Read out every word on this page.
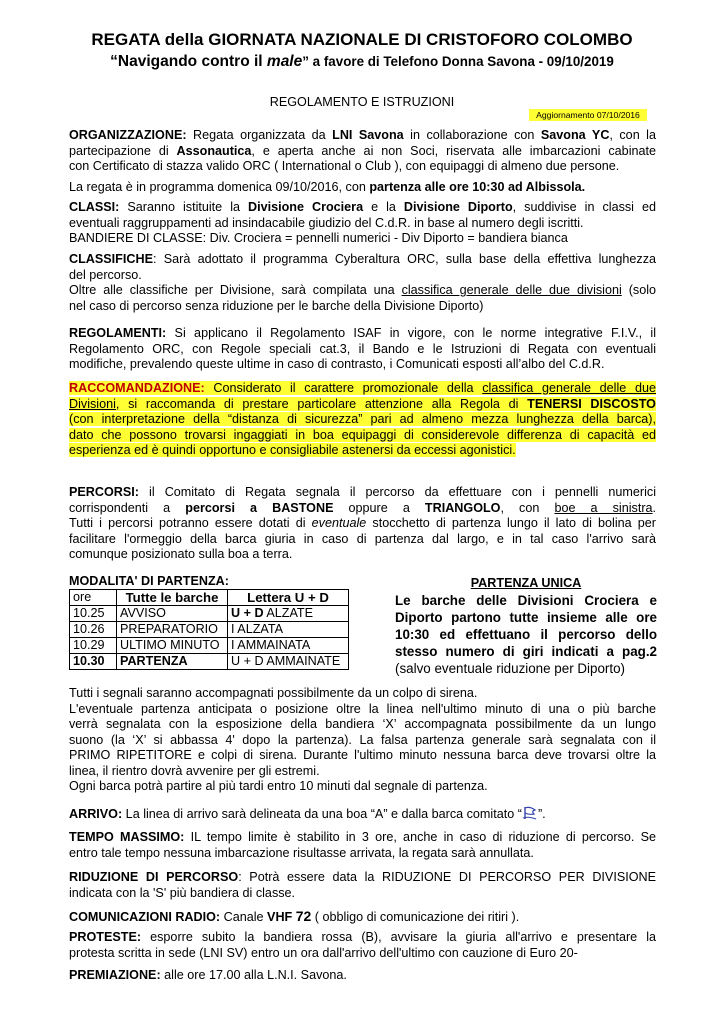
REGATA della GIORNATA NAZIONALE DI CRISTOFORO COLOMBO
“Navigando contro il male” a favore di Telefono Donna Savona - 09/10/2019
REGOLAMENTO E ISTRUZIONI
Aggiornamento 07/10/2016
ORGANIZZAZIONE: Regata organizzata da LNI Savona in collaborazione con Savona YC, con la
partecipazione di Assonautica, e aperta anche ai non Soci, riservata alle imbarcazioni cabinate
con Certificato di stazza valido ORC ( International o Club ), con equipaggi di almeno due persone.
La regata è in programma domenica 09/10/2016, con partenza alle ore 10:30 ad Albissola.
CLASSI: Saranno istituite la Divisione Crociera e la Divisione Diporto, suddivise in classi ed
eventuali raggruppamenti ad insindacabile giudizio del C.d.R. in base al numero degli iscritti.
BANDIERE DI CLASSE: Div. Crociera = pennelli numerici - Div Diporto = bandiera bianca
CLASSIFICHE: Sarà adottato il programma Cyberaltura ORC, sulla base della effettiva lunghezza
del percorso.
Oltre alle classifiche per Divisione, sarà compilata una classifica generale delle due divisioni (solo
nel caso di percorso senza riduzione per le barche della Divisione Diporto)
REGOLAMENTI: Si applicano il Regolamento ISAF in vigore, con le norme integrative F.I.V., il
Regolamento ORC, con Regole speciali cat.3, il Bando e le Istruzioni di Regata con eventuali
modifiche, prevalendo queste ultime in caso di contrasto, i Comunicati esposti all’albo del C.d.R.
RACCOMANDAZIONE: Considerato il carattere promozionale della classifica generale delle due
Divisioni, si raccomanda di prestare particolare attenzione alla Regola di TENERSI DISCOSTO
(con interpretazione della “distanza di sicurezza” pari ad almeno mezza lunghezza della barca),
dato che possono trovarsi ingaggiati in boa equipaggi di considerevole differenza di capacità ed
esperienza ed è quindi opportuno e consigliabile astenersi da eccessi agonistici.
PERCORSI: il Comitato di Regata segnala il percorso da effettuare con i pennelli numerici
corrispondenti a percorsi a BASTONE oppure a TRIANGOLO, con boe a sinistra.
Tutti i percorsi potranno essere dotati di eventuale stocchetto di partenza lungo il lato di bolina per
facilitare l'ormeggio della barca giuria in caso di partenza dal largo, e in tal caso l'arrivo sarà
comunque posizionato sulla boa a terra.
MODALITA' DI PARTENZA:
ore	Tutte le barche	Lettera U + D
10.25	AVVISO	U + D ALZATE
10.26	PREPARATORIO	I ALZATA
10.29	ULTIMO MINUTO	I AMMAINATA
10.30	PARTENZA	U + D AMMAINATE
PARTENZA UNICA
Le barche delle Divisioni Crociera e
Diporto partono tutte insieme alle ore
10:30 ed effettuano il percorso dello
stesso numero di giri indicati a pag.2
(salvo eventuale riduzione per Diporto)
Tutti i segnali saranno accompagnati possibilmente da un colpo di sirena.
L'eventuale partenza anticipata o posizione oltre la linea nell'ultimo minuto di una o più barche
verrà segnalata con la esposizione della bandiera ‘X’ accompagnata possibilmente da un lungo
suono (la ‘X’ si abbassa 4' dopo la partenza). La falsa partenza generale sarà segnalata con il
PRIMO RIPETITORE e colpi di sirena. Durante l'ultimo minuto nessuna barca deve trovarsi oltre la
linea, il rientro dovrà avvenire per gli estremi.
Ogni barca potrà partire al più tardi entro 10 minuti dal segnale di partenza.
ARRIVO: La linea di arrivo sarà delineata da una boa “A” e dalla barca comitato “ ”.
TEMPO MASSIMO: IL tempo limite è stabilito in 3 ore, anche in caso di riduzione di percorso. Se
entro tale tempo nessuna imbarcazione risultasse arrivata, la regata sarà annullata.
RIDUZIONE DI PERCORSO: Potrà essere data la RIDUZIONE DI PERCORSO PER DIVISIONE
indicata con la 'S' più bandiera di classe.
COMUNICAZIONI RADIO: Canale VHF 72 ( obbligo di comunicazione dei ritiri ).
PROTESTE: esporre subito la bandiera rossa (B), avvisare la giuria all'arrivo e presentare la
protesta scritta in sede (LNI SV) entro un ora dall'arrivo dell'ultimo con cauzione di Euro 20-
PREMIAZIONE: alle ore 17.00 alla L.N.I. Savona.
